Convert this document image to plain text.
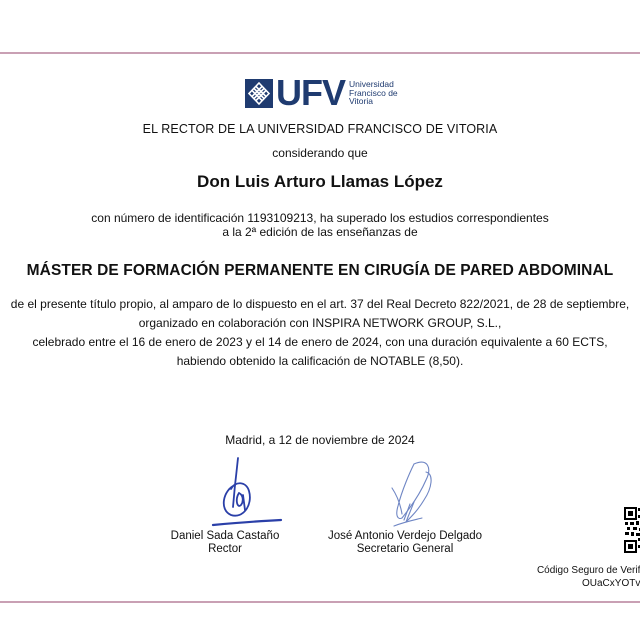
UFV Universidad
Francisco de
Vitoria
EL RECTOR DE LA UNIVERSIDAD FRANCISCO DE VITORIA
considerando que
Don Luis Arturo Llamas López
con número de identificación 1193109213, ha superado los estudios correspondientes
a la 2ª edición de las enseñanzas de
MÁSTER DE FORMACIÓN PERMANENTE EN CIRUGÍA DE PARED ABDOMINAL
de el presente título propio, al amparo de lo dispuesto en el art. 37 del Real Decreto 822/2021, de 28 de septiembre,
organizado en colaboración con INSPIRA NETWORK GROUP, S.L.,
celebrado entre el 16 de enero de 2023 y el 14 de enero de 2024, con una duración equivalente a 60 ECTS,
habiendo obtenido la calificación de NOTABLE (8,50).
Madrid, a 12 de noviembre de 2024
Daniel Sada Castaño
Rector
José Antonio Verdejo Delgado
Secretario General
Código Seguro de Verif
OUaCxYOTv
